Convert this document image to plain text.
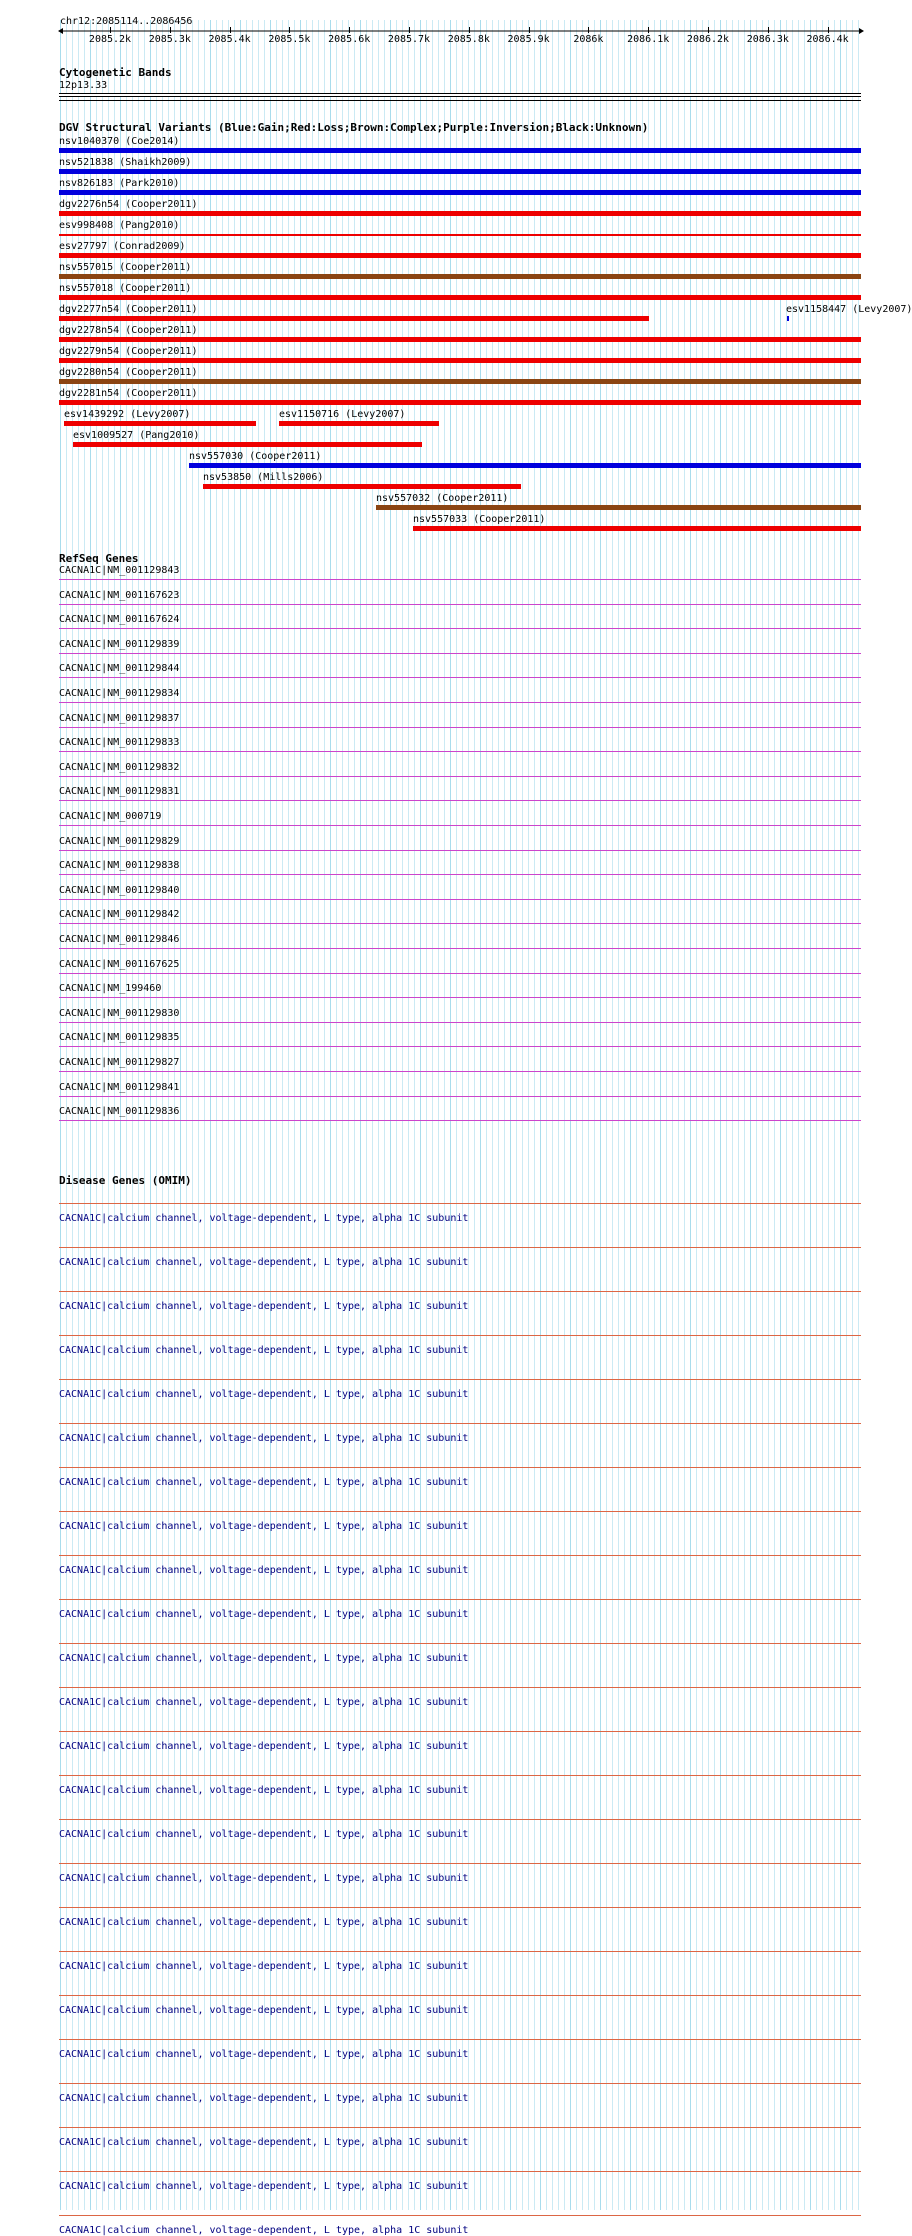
chr12:2085114..2086456
2085.2k 2085.3k 2085.4k 2085.5k 2085.6k 2085.7k 2085.8k 2085.9k 2086k 2086.1k 2086.2k 2086.3k 2086.4k
Cytogenetic Bands
12p13.33
DGV Structural Variants (Blue:Gain;Red:Loss;Brown:Complex;Purple:Inversion;Black:Unknown)
nsv1040370 (Coe2014)
nsv521838 (Shaikh2009)
nsv826183 (Park2010)
dgv2276n54 (Cooper2011)
esv998408 (Pang2010)
esv27797 (Conrad2009)
nsv557015 (Cooper2011)
nsv557018 (Cooper2011)
dgv2277n54 (Cooper2011)	esv1158447 (Levy2007)
dgv2278n54 (Cooper2011)
dgv2279n54 (Cooper2011)
dgv2280n54 (Cooper2011)
dgv2281n54 (Cooper2011)
esv1439292 (Levy2007)	esv1150716 (Levy2007)
esv1009527 (Pang2010)
nsv557030 (Cooper2011)
nsv53850 (Mills2006)
nsv557032 (Cooper2011)
nsv557033 (Cooper2011)
RefSeq Genes
CACNA1C|NM_001129843
CACNA1C|NM_001167623
CACNA1C|NM_001167624
CACNA1C|NM_001129839
CACNA1C|NM_001129844
CACNA1C|NM_001129834
CACNA1C|NM_001129837
CACNA1C|NM_001129833
CACNA1C|NM_001129832
CACNA1C|NM_001129831
CACNA1C|NM_000719
CACNA1C|NM_001129829
CACNA1C|NM_001129838
CACNA1C|NM_001129840
CACNA1C|NM_001129842
CACNA1C|NM_001129846
CACNA1C|NM_001167625
CACNA1C|NM_199460
CACNA1C|NM_001129830
CACNA1C|NM_001129835
CACNA1C|NM_001129827
CACNA1C|NM_001129841
CACNA1C|NM_001129836
Disease Genes (OMIM)
CACNA1C|calcium channel, voltage-dependent, L type, alpha 1C subunit
CACNA1C|calcium channel, voltage-dependent, L type, alpha 1C subunit
CACNA1C|calcium channel, voltage-dependent, L type, alpha 1C subunit
CACNA1C|calcium channel, voltage-dependent, L type, alpha 1C subunit
CACNA1C|calcium channel, voltage-dependent, L type, alpha 1C subunit
CACNA1C|calcium channel, voltage-dependent, L type, alpha 1C subunit
CACNA1C|calcium channel, voltage-dependent, L type, alpha 1C subunit
CACNA1C|calcium channel, voltage-dependent, L type, alpha 1C subunit
CACNA1C|calcium channel, voltage-dependent, L type, alpha 1C subunit
CACNA1C|calcium channel, voltage-dependent, L type, alpha 1C subunit
CACNA1C|calcium channel, voltage-dependent, L type, alpha 1C subunit
CACNA1C|calcium channel, voltage-dependent, L type, alpha 1C subunit
CACNA1C|calcium channel, voltage-dependent, L type, alpha 1C subunit
CACNA1C|calcium channel, voltage-dependent, L type, alpha 1C subunit
CACNA1C|calcium channel, voltage-dependent, L type, alpha 1C subunit
CACNA1C|calcium channel, voltage-dependent, L type, alpha 1C subunit
CACNA1C|calcium channel, voltage-dependent, L type, alpha 1C subunit
CACNA1C|calcium channel, voltage-dependent, L type, alpha 1C subunit
CACNA1C|calcium channel, voltage-dependent, L type, alpha 1C subunit
CACNA1C|calcium channel, voltage-dependent, L type, alpha 1C subunit
CACNA1C|calcium channel, voltage-dependent, L type, alpha 1C subunit
CACNA1C|calcium channel, voltage-dependent, L type, alpha 1C subunit
CACNA1C|calcium channel, voltage-dependent, L type, alpha 1C subunit
CACNA1C|calcium channel, voltage-dependent, L type, alpha 1C subunit
